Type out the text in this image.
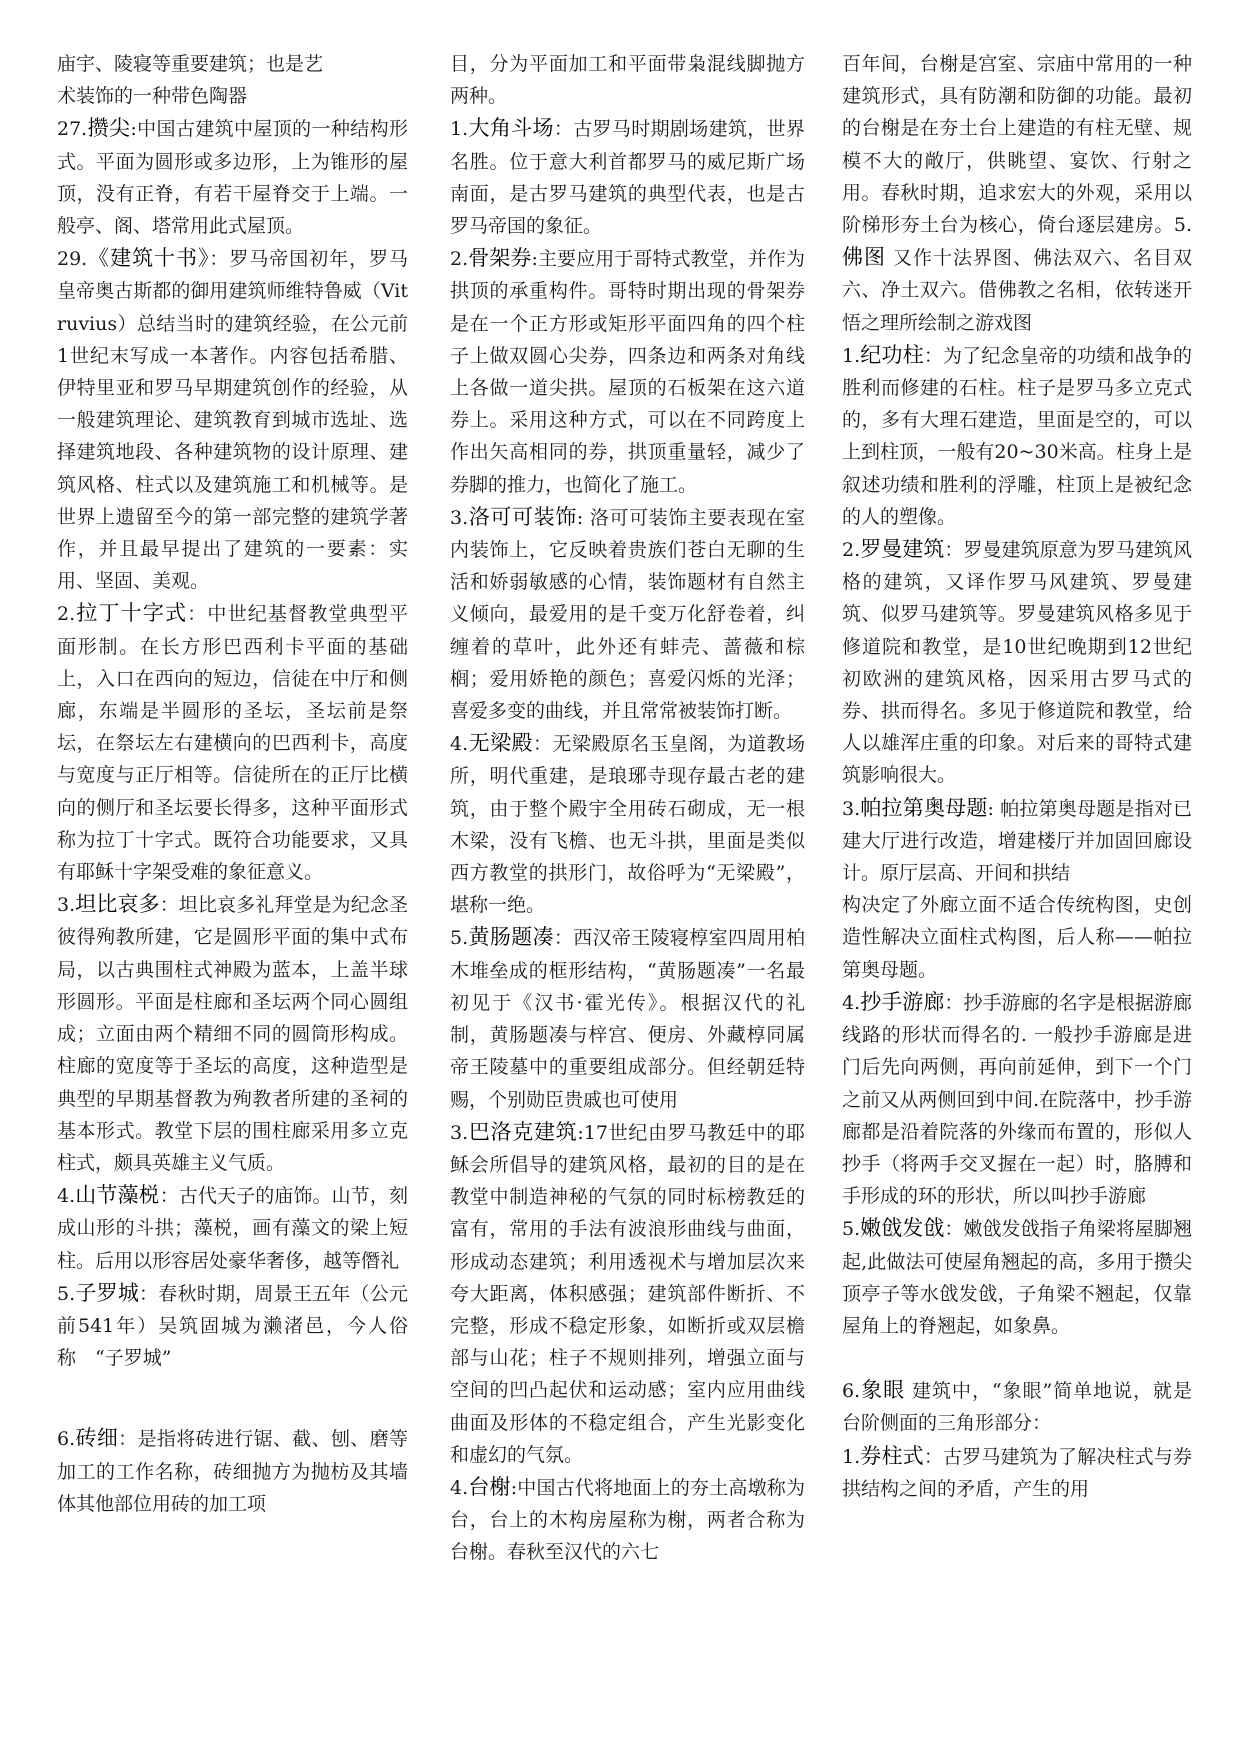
庙宇、陵寝等重要建筑；也是艺

术装饰的一种带色陶器

27.攒尖:中国古建筑中屋顶的一种结构形式。平面为圆形或多边形，上为锥形的屋顶，没有正脊，有若干屋脊交于上端。一般亭、阁、塔常用此式屋顶。

29.《建筑十书》：罗马帝国初年，罗马皇帝奥古斯都的御用建筑师维特鲁威（Vitruvius）总结当时的建筑经验，在公元前1世纪末写成一本著作。内容包括希腊、伊特里亚和罗马早期建筑创作的经验，从一般建筑理论、建筑教育到城市选址、选择建筑地段、各种建筑物的设计原理、建筑风格、柱式以及建筑施工和机械等。是世界上遗留至今的第一部完整的建筑学著作，并且最早提出了建筑的一要素：实用、坚固、美观。

2.拉丁十字式：中世纪基督教堂典型平面形制。在长方形巴西利卡平面的基础上，入口在西向的短边，信徒在中厅和侧廊，东端是半圆形的圣坛，圣坛前是祭坛，在祭坛左右建横向的巴西利卡，高度与宽度与正厅相等。信徒所在的正厅比横向的侧厅和圣坛要长得多，这种平面形式称为拉丁十字式。既符合功能要求，又具有耶稣十字架受难的象征意义。

3.坦比哀多：坦比哀多礼拜堂是为纪念圣彼得殉教所建，它是圆形平面的集中式布局，以古典围柱式神殿为蓝本，上盖半球形圆形。平面是柱廊和圣坛两个同心圆组成；立面由两个精细不同的圆筒形构成。柱廊的宽度等于圣坛的高度，这种造型是典型的早期基督教为殉教者所建的圣祠的基本形式。教堂下层的围柱廊采用多立克柱式，颇具英雄主义气质。

4.山节藻棁：古代天子的庙饰。山节，刻成山形的斗拱；藻棁，画有藻文的梁上短柱。后用以形容居处豪华奢侈，越等僭礼

5.子罗城：春秋时期，周景王五年（公元前541年）吴筑固城为濑渚邑，今人俗称　“子罗城”

6.砖细：是指将砖进行锯、截、刨、磨等加工的工作名称，砖细抛方为抛枋及其墙体其他部位用砖的加工项

目，分为平面加工和平面带枭混线脚抛方两种。

1.大角斗场：古罗马时期剧场建筑，世界名胜。位于意大利首都罗马的威尼斯广场南面，是古罗马建筑的典型代表，也是古罗马帝国的象征。

2.骨架券:主要应用于哥特式教堂，并作为拱顶的承重构件。哥特时期出现的骨架券是在一个正方形或矩形平面四角的四个柱子上做双圆心尖券，四条边和两条对角线上各做一道尖拱。屋顶的石板架在这六道券上。采用这种方式，可以在不同跨度上作出矢高相同的券，拱顶重量轻，减少了券脚的推力，也简化了施工。

3.洛可可装饰: 洛可可装饰主要表现在室内装饰上，它反映着贵族们苍白无聊的生活和娇弱敏感的心情，装饰题材有自然主义倾向，最爱用的是千变万化舒卷着，纠缠着的草叶，此外还有蚌壳、蔷薇和棕榈；爱用娇艳的颜色；喜爱闪烁的光泽；喜爱多变的曲线，并且常常被装饰打断。

4.无梁殿：无梁殿原名玉皇阁，为道教场所，明代重建，是琅琊寺现存最古老的建筑，由于整个殿宇全用砖石砌成，无一根木梁，没有飞檐、也无斗拱，里面是类似西方教堂的拱形门，故俗呼为“无梁殿”，堪称一绝。

5.黄肠题凑：西汉帝王陵寝椁室四周用柏木堆垒成的框形结构，“黄肠题凑”一名最初见于《汉书·霍光传》。根据汉代的礼制，黄肠题凑与梓宫、便房、外藏椁同属帝王陵墓中的重要组成部分。但经朝廷特赐，个别勋臣贵戚也可使用

3.巴洛克建筑:17世纪由罗马教廷中的耶稣会所倡导的建筑风格，最初的目的是在教堂中制造神秘的气氛的同时标榜教廷的富有，常用的手法有波浪形曲线与曲面，形成动态建筑；利用透视术与增加层次来夸大距离，体积感强；建筑部件断折、不完整，形成不稳定形象，如断折或双层檐部与山花；柱子不规则排列，增强立面与空间的凹凸起伏和运动感；室内应用曲线曲面及形体的不稳定组合，产生光影变化和虚幻的气氛。

4.台榭:中国古代将地面上的夯土高墩称为台，台上的木构房屋称为榭，两者合称为台榭。春秋至汉代的六七

百年间，台榭是宫室、宗庙中常用的一种建筑形式，具有防潮和防御的功能。最初的台榭是在夯土台上建造的有柱无壁、规模不大的敞厅，供眺望、宴饮、行射之用。春秋时期，追求宏大的外观，采用以阶梯形夯土台为核心，倚台逐层建房。5.佛图 又作十法界图、佛法双六、名目双六、净土双六。借佛教之名相，依转迷开悟之理所绘制之游戏图

1.纪功柱：为了纪念皇帝的功绩和战争的胜利而修建的石柱。柱子是罗马多立克式的，多有大理石建造，里面是空的，可以上到柱顶，一般有20~30米高。柱身上是叙述功绩和胜利的浮雕，柱顶上是被纪念的人的塑像。

2.罗曼建筑：罗曼建筑原意为罗马建筑风格的建筑，又译作罗马风建筑、罗曼建筑、似罗马建筑等。罗曼建筑风格多见于修道院和教堂，是10世纪晚期到12世纪初欧洲的建筑风格，因采用古罗马式的券、拱而得名。多见于修道院和教堂，给人以雄浑庄重的印象。对后来的哥特式建筑影响很大。

3.帕拉第奥母题: 帕拉第奥母题是指对已建大厅进行改造，增建楼厅并加固回廊设计。原厅层高、开间和拱结

构决定了外廊立面不适合传统构图，史创造性解决立面柱式构图，后人称——帕拉第奥母题。

4.抄手游廊：抄手游廊的名字是根据游廊线路的形状而得名的. 一般抄手游廊是进门后先向两侧，再向前延伸，到下一个门之前又从两侧回到中间.在院落中，抄手游廊都是沿着院落的外缘而布置的，形似人抄手（将两手交叉握在一起）时，胳膊和手形成的环的形状，所以叫抄手游廊

5.嫩戗发戗：嫩戗发戗指子角梁将屋脚翘起,此做法可使屋角翘起的高，多用于攒尖顶亭子等水戗发戗，子角梁不翘起，仅靠屋角上的脊翘起，如象鼻。

6.象眼 建筑中，“象眼”简单地说，就是台阶侧面的三角形部分：

1.券柱式：古罗马建筑为了解决柱式与券拱结构之间的矛盾，产生的用
